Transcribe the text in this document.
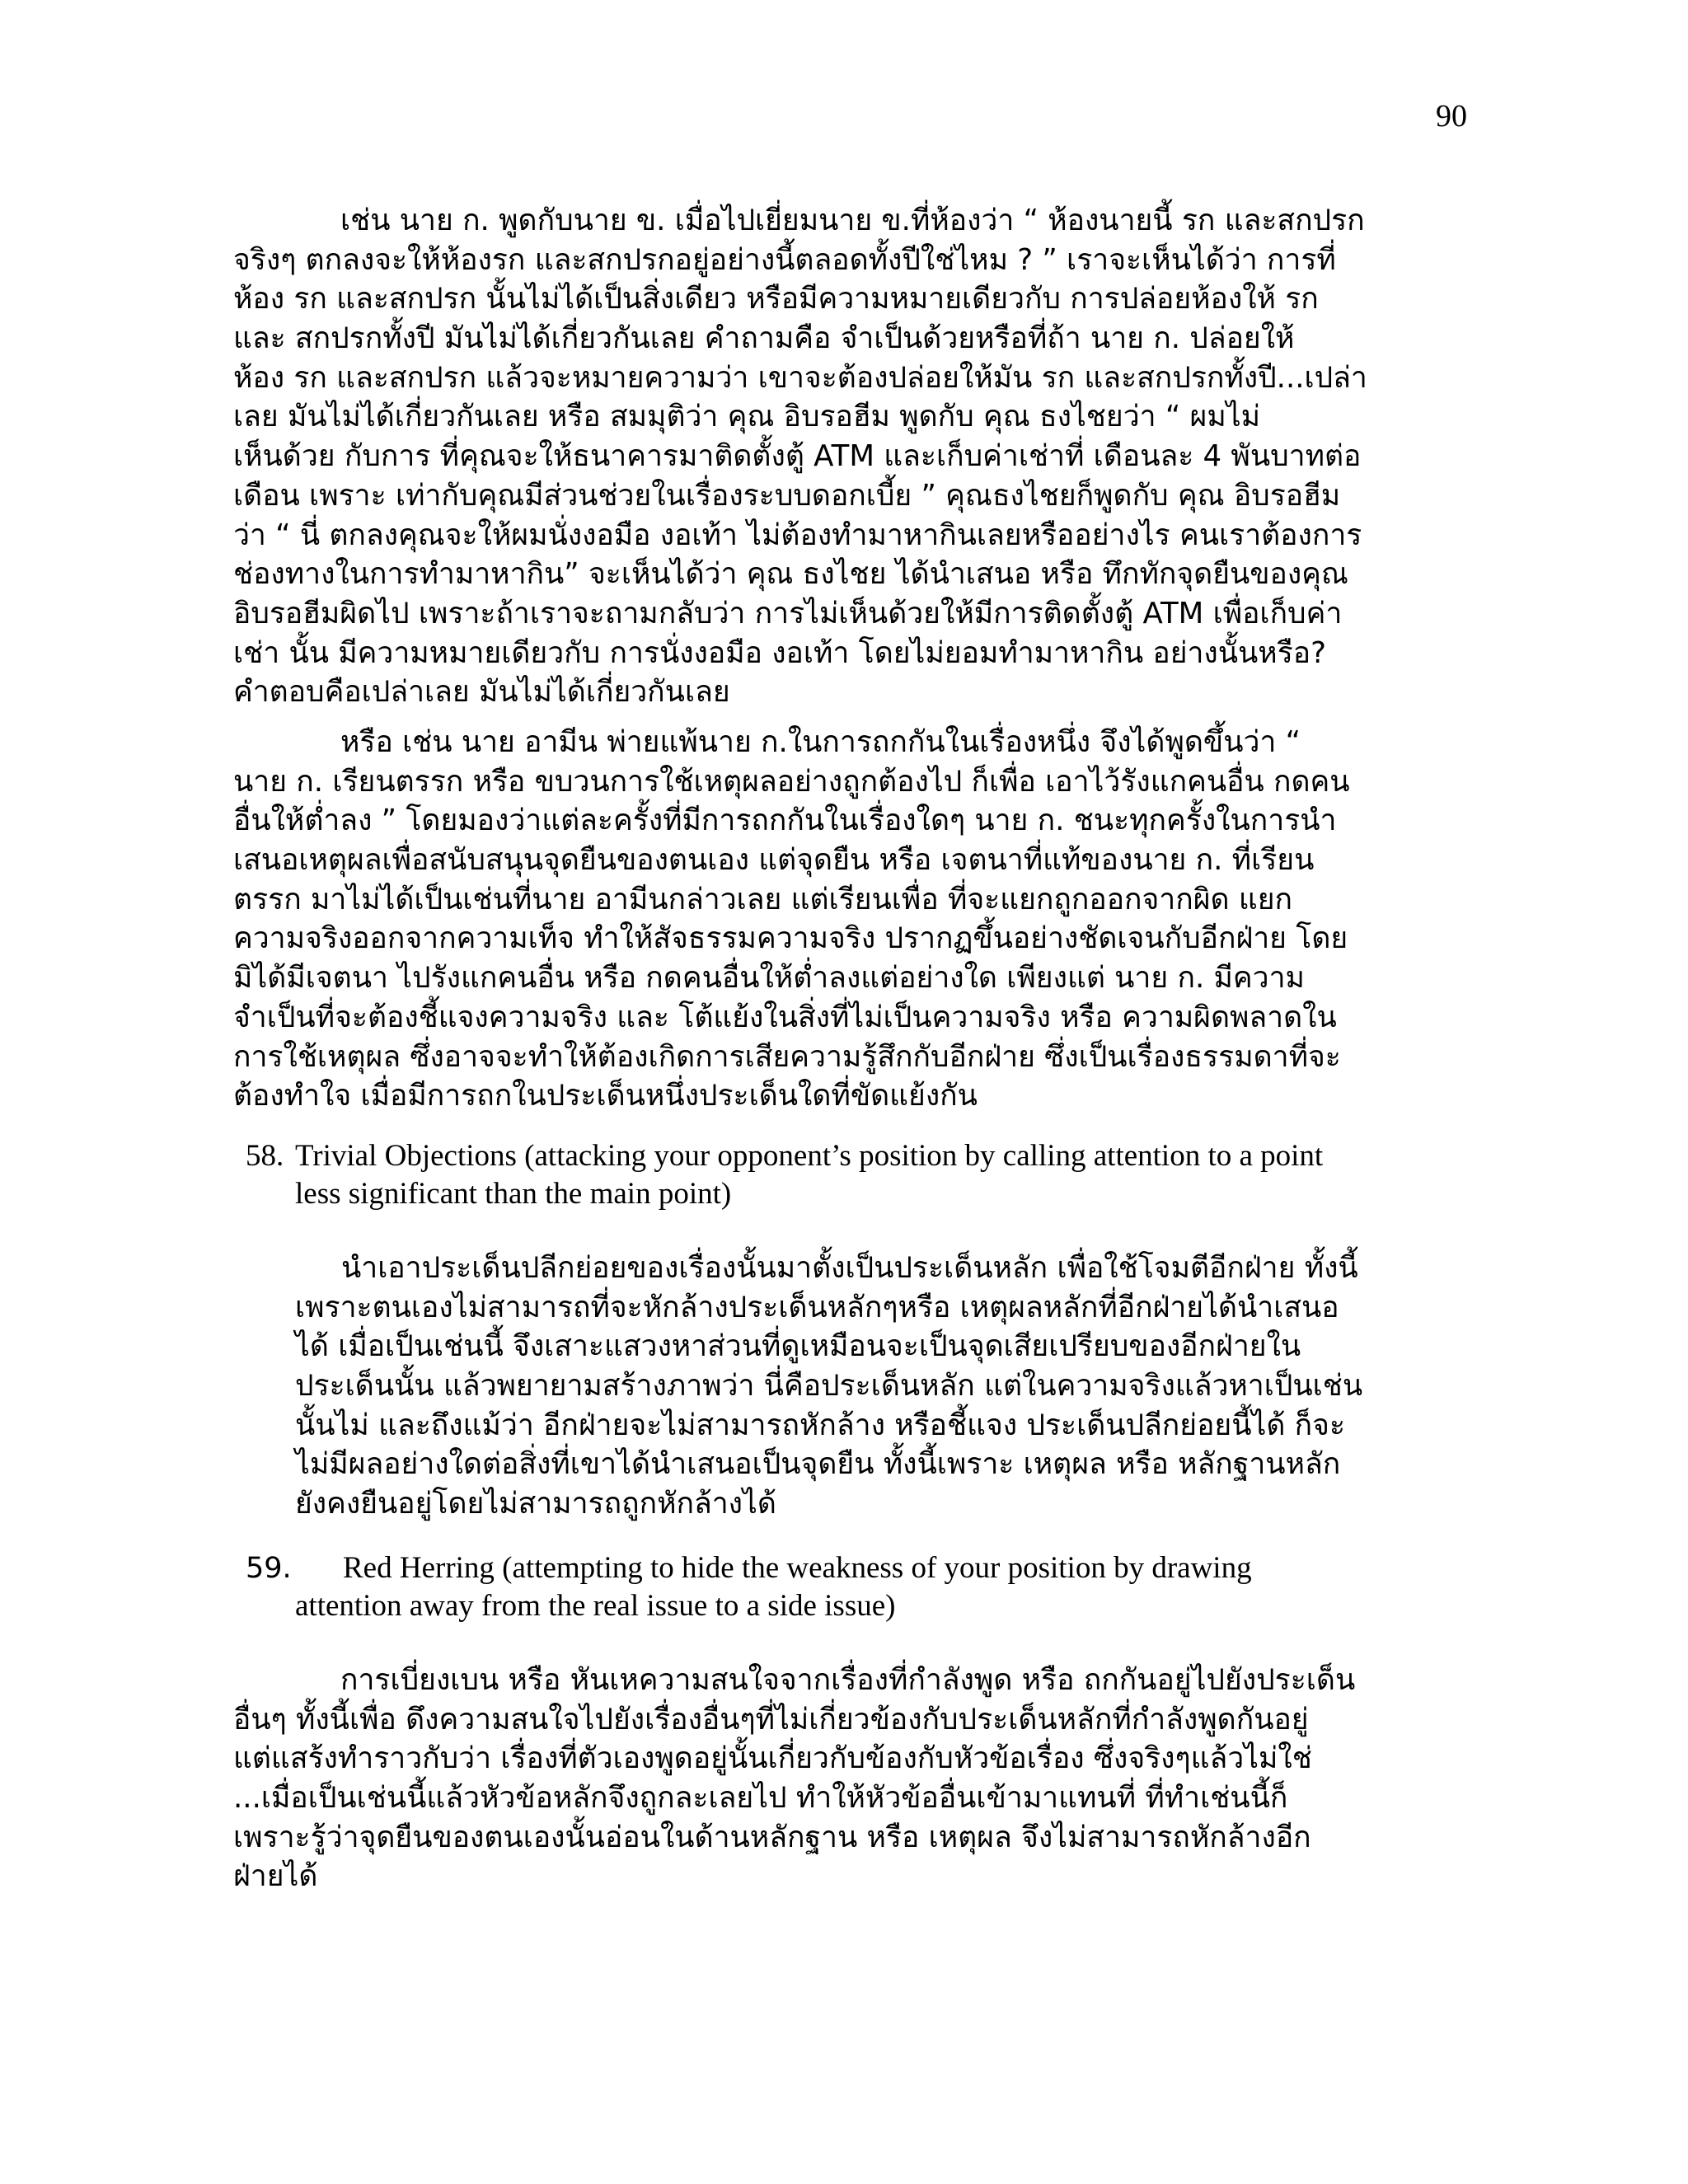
90
เช่น นาย ก. พูดกับนาย ข. เมื่อไปเยี่ยมนาย ข.ที่ห้องว่า “ ห้องนายนี้ รก และสกปรก
จริงๆ ตกลงจะให้ห้องรก และสกปรกอยู่อย่างนี้ตลอดทั้งปีใช่ไหม ? ” เราจะเห็นได้ว่า การที่
ห้อง รก และสกปรก นั้นไม่ได้เป็นสิ่งเดียว หรือมีความหมายเดียวกับ การปล่อยห้องให้ รก
และ สกปรกทั้งปี มันไม่ได้เกี่ยวกันเลย คำถามคือ จำเป็นด้วยหรือที่ถ้า นาย ก. ปล่อยให้
ห้อง รก และสกปรก แล้วจะหมายความว่า เขาจะต้องปล่อยให้มัน รก และสกปรกทั้งปี...เปล่า
เลย มันไม่ได้เกี่ยวกันเลย หรือ สมมุติว่า คุณ อิบรอฮีม พูดกับ คุณ ธงไชยว่า “ ผมไม่
เห็นด้วย กับการ ที่คุณจะให้ธนาคารมาติดตั้งตู้ ATM และเก็บค่าเช่าที่ เดือนละ 4 พันบาทต่อ
เดือน เพราะ เท่ากับคุณมีส่วนช่วยในเรื่องระบบดอกเบี้ย ” คุณธงไชยก็พูดกับ คุณ อิบรอฮีม
ว่า “ นี่ ตกลงคุณจะให้ผมนั่งงอมือ งอเท้า ไม่ต้องทำมาหากินเลยหรืออย่างไร คนเราต้องการ
ช่องทางในการทำมาหากิน” จะเห็นได้ว่า คุณ ธงไชย ได้นำเสนอ หรือ ทึกทักจุดยืนของคุณ
อิบรอฮีมผิดไป เพราะถ้าเราจะถามกลับว่า การไม่เห็นด้วยให้มีการติดตั้งตู้ ATM เพื่อเก็บค่า
เช่า นั้น มีความหมายเดียวกับ การนั่งงอมือ งอเท้า โดยไม่ยอมทำมาหากิน อย่างนั้นหรือ?
คำตอบคือเปล่าเลย มันไม่ได้เกี่ยวกันเลย
หรือ เช่น นาย อามีน พ่ายแพ้นาย ก.ในการถกกันในเรื่องหนึ่ง จึงได้พูดขึ้นว่า “
นาย ก. เรียนตรรก หรือ ขบวนการใช้เหตุผลอย่างถูกต้องไป ก็เพื่อ เอาไว้รังแกคนอื่น กดคน
อื่นให้ต่ำลง ” โดยมองว่าแต่ละครั้งที่มีการถกกันในเรื่องใดๆ นาย ก. ชนะทุกครั้งในการนำ
เสนอเหตุผลเพื่อสนับสนุนจุดยืนของตนเอง แต่จุดยืน หรือ เจตนาที่แท้ของนาย ก. ที่เรียน
ตรรก มาไม่ได้เป็นเช่นที่นาย อามีนกล่าวเลย แต่เรียนเพื่อ ที่จะแยกถูกออกจากผิด แยก
ความจริงออกจากความเท็จ ทำให้สัจธรรมความจริง ปรากฏขึ้นอย่างชัดเจนกับอีกฝ่าย โดย
มิได้มีเจตนา ไปรังแกคนอื่น หรือ กดคนอื่นให้ต่ำลงแต่อย่างใด เพียงแต่ นาย ก. มีความ
จำเป็นที่จะต้องชี้แจงความจริง และ โต้แย้งในสิ่งที่ไม่เป็นความจริง หรือ ความผิดพลาดใน
การใช้เหตุผล ซึ่งอาจจะทำให้ต้องเกิดการเสียความรู้สึกกับอีกฝ่าย ซึ่งเป็นเรื่องธรรมดาที่จะ
ต้องทำใจ เมื่อมีการถกในประเด็นหนึ่งประเด็นใดที่ขัดแย้งกัน
58. Trivial Objections (attacking your opponent’s position by calling attention to a point
less significant than the main point)
นำเอาประเด็นปลีกย่อยของเรื่องนั้นมาตั้งเป็นประเด็นหลัก เพื่อใช้โจมตีอีกฝ่าย ทั้งนี้
เพราะตนเองไม่สามารถที่จะหักล้างประเด็นหลักๆหรือ เหตุผลหลักที่อีกฝ่ายได้นำเสนอ
ได้ เมื่อเป็นเช่นนี้ จึงเสาะแสวงหาส่วนที่ดูเหมือนจะเป็นจุดเสียเปรียบของอีกฝ่ายใน
ประเด็นนั้น แล้วพยายามสร้างภาพว่า นี่คือประเด็นหลัก แต่ในความจริงแล้วหาเป็นเช่น
นั้นไม่ และถึงแม้ว่า อีกฝ่ายจะไม่สามารถหักล้าง หรือชี้แจง ประเด็นปลีกย่อยนี้ได้ ก็จะ
ไม่มีผลอย่างใดต่อสิ่งที่เขาได้นำเสนอเป็นจุดยืน ทั้งนี้เพราะ เหตุผล หรือ หลักฐานหลัก
ยังคงยืนอยู่โดยไม่สามารถถูกหักล้างได้
59. Red Herring (attempting to hide the weakness of your position by drawing
attention away from the real issue to a side issue)
การเบี่ยงเบน หรือ หันเหความสนใจจากเรื่องที่กำลังพูด หรือ ถกกันอยู่ไปยังประเด็น
อื่นๆ ทั้งนี้เพื่อ ดึงความสนใจไปยังเรื่องอื่นๆที่ไม่เกี่ยวข้องกับประเด็นหลักที่กำลังพูดกันอยู่
แต่แสร้งทำราวกับว่า เรื่องที่ตัวเองพูดอยู่นั้นเกี่ยวกับข้องกับหัวข้อเรื่อง ซึ่งจริงๆแล้วไม่ใช่
...เมื่อเป็นเช่นนี้แล้วหัวข้อหลักจึงถูกละเลยไป ทำให้หัวข้ออื่นเข้ามาแทนที่ ที่ทำเช่นนี้ก็
เพราะรู้ว่าจุดยืนของตนเองนั้นอ่อนในด้านหลักฐาน หรือ เหตุผล จึงไม่สามารถหักล้างอีก
ฝ่ายได้
